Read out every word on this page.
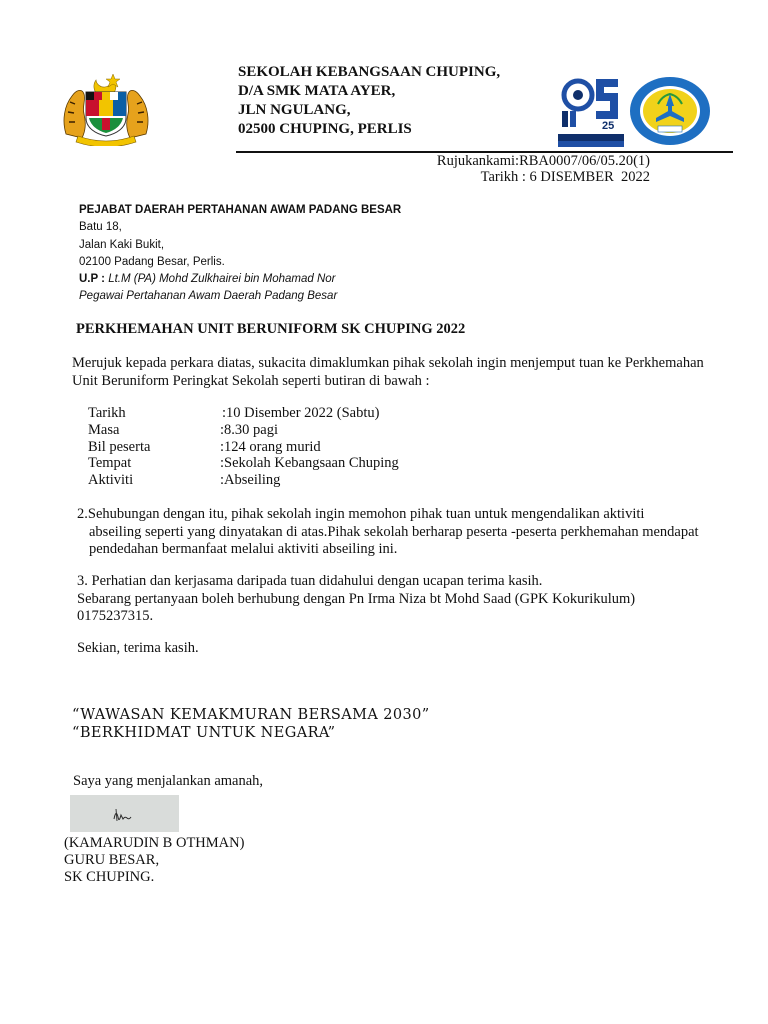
SEKOLAH KEBANGSAAN CHUPING,
D/A SMK MATA AYER,
JLN NGULANG,
02500 CHUPING, PERLIS	25
Rujukankami:RBA0007/06/05.20(1)
Tarikh : 6 DISEMBER  2022
PEJABAT DAERAH PERTAHANAN AWAM PADANG BESAR
Batu 18,
Jalan Kaki Bukit,
02100 Padang Besar, Perlis.
U.P : Lt.M (PA) Mohd Zulkhairei bin Mohamad Nor
Pegawai Pertahanan Awam Daerah Padang Besar
PERKHEMAHAN UNIT BERUNIFORM SK CHUPING 2022
Merujuk kepada perkara diatas, sukacita dimaklumkan pihak sekolah ingin menjemput tuan ke Perkhemahan Unit Beruniform Peringkat Sekolah seperti butiran di bawah :
Tarikh	:10 Disember 2022 (Sabtu)
Masa	:8.30 pagi
Bil peserta	:124 orang murid
Tempat	:Sekolah Kebangsaan Chuping
Aktiviti	:Abseiling
2.Sehubungan dengan itu, pihak sekolah ingin memohon pihak tuan untuk mengendalikan aktiviti
abseiling seperti yang dinyatakan di atas.Pihak sekolah berharap peserta -peserta perkhemahan mendapat
pendedahan bermanfaat melalui aktiviti abseiling ini.
3. Perhatian dan kerjasama daripada tuan didahului dengan ucapan terima kasih.
Sebarang pertanyaan boleh berhubung dengan Pn Irma Niza bt Mohd Saad (GPK Kokurikulum)
0175237315.
Sekian, terima kasih.
“WAWASAN KEMAKMURAN BERSAMA 2030”
“BERKHIDMAT UNTUK NEGARA”
Saya yang menjalankan amanah,
(KAMARUDIN B OTHMAN)
GURU BESAR,
SK CHUPING.
